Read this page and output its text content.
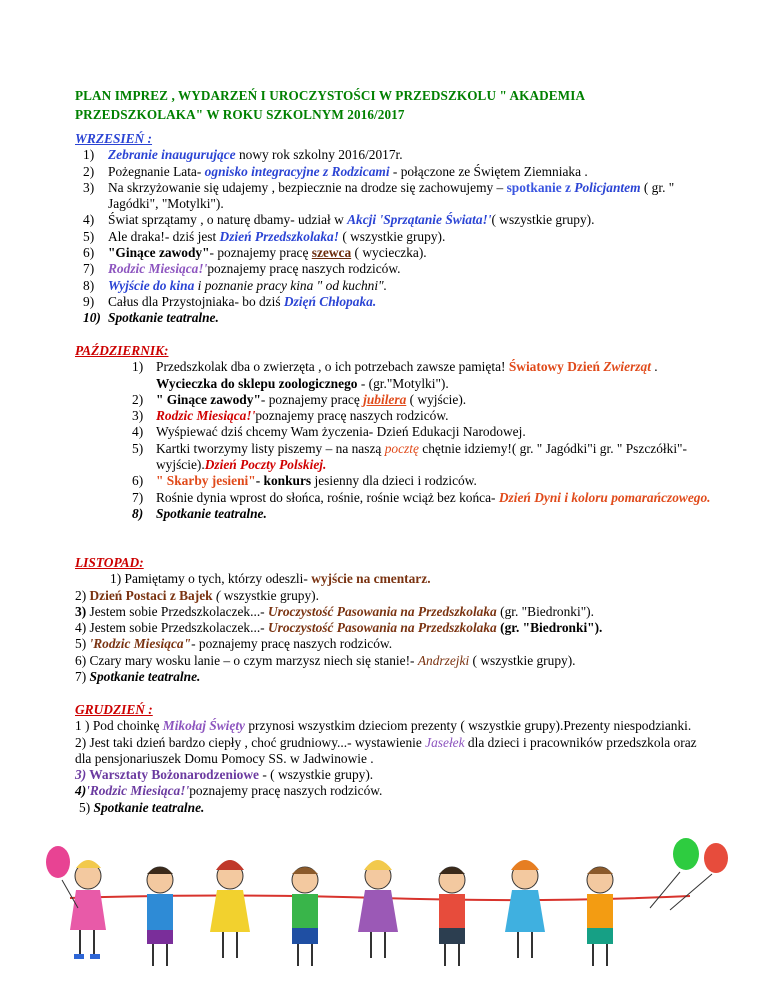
PLAN IMPREZ , WYDARZEŃ I UROCZYSTOŚCI W PRZEDSZKOLU " AKADEMIA PRZEDSZKOLAKA" W ROKU SZKOLNYM 2016/2017
WRZESIEŃ :
1) Zebranie inaugurujące nowy rok szkolny 2016/2017r.
2) Pożegnanie Lata- ognisko integracyjne z Rodzicami - połączone ze Świętem Ziemniaka .
3) Na skrzyżowanie się udajemy , bezpiecznie na drodze się zachowujemy – spotkanie z Policjantem ( gr. " Jagódki", "Motylki").
4) Świat sprzątamy , o naturę dbamy- udział w Akcji 'Sprzątanie Świata!'( wszystkie grupy).
5) Ale draka!- dziś jest Dzień Przedszkolaka! ( wszystkie grupy).
6) "Ginące zawody"- poznajemy pracę szewca ( wycieczka).
7) Rodzic Miesiąca!'poznajemy pracę naszych rodziców.
8) Wyjście do kina i poznanie pracy kina " od kuchni".
9) Całus dla Przystojniaka- bo dziś Dzięń Chłopaka.
10) Spotkanie teatralne.
PAŹDZIERNIK:
1) Przedszkolak dba o zwierzęta , o ich potrzebach zawsze pamięta! Światowy Dzień Zwierząt . Wycieczka do sklepu zoologicznego - (gr."Motylki").
2) " Ginące zawody"- poznajemy pracę jubilera ( wyjście).
3) Rodzic Miesiąca!'poznajemy pracę naszych rodziców.
4) Wyśpiewać dziś chcemy Wam życzenia- Dzień Edukacji Narodowej.
5) Kartki tworzymy listy piszemy – na naszą pocztę chętnie idziemy!( gr. " Jagódki"i gr. " Pszczółki"- wyjście).Dzień Poczty Polskiej.
6) " Skarby jesieni"- konkurs jesienny dla dzieci i rodziców.
7) Rośnie dynia wprost do słońca, rośnie, rośnie wciąż bez końca- Dzień Dyni i koloru pomarańczowego.
8) Spotkanie teatralne.
LISTOPAD:
1) Pamiętamy o tych, którzy odeszli- wyjście na cmentarz.
2) Dzień Postaci z Bajek ( wszystkie grupy).
3) Jestem sobie Przedszkolaczek...- Uroczystość Pasowania na Przedszkolaka (gr. "Biedronki").
4) Jestem sobie Przedszkolaczek...- Uroczystość Pasowania na Przedszkolaka (gr. "Biedronki").
5) 'Rodzic Miesiąca"- poznajemy pracę naszych rodziców.
6) Czary mary wosku lanie – o czym marzysz niech się stanie!- Andrzejki ( wszystkie grupy).
7) Spotkanie teatralne.
GRUDZIEŃ :
1 ) Pod choinkę Mikołaj Święty przynosi wszystkim dzieciom prezenty ( wszystkie grupy).Prezenty niespodzianki.
2) Jest taki dzień bardzo ciepły , choć grudniowy...- wystawienie Jasełek dla dzieci i pracowników przedszkola oraz dla pensjonariuszek Domu Pomocy SS. w Jadwinowie .
3) Warsztaty Bożonarodzeniowe - ( wszystkie grupy).
4)'Rodzic Miesiąca!'poznajemy pracę naszych rodziców.
5) Spotkanie teatralne.
